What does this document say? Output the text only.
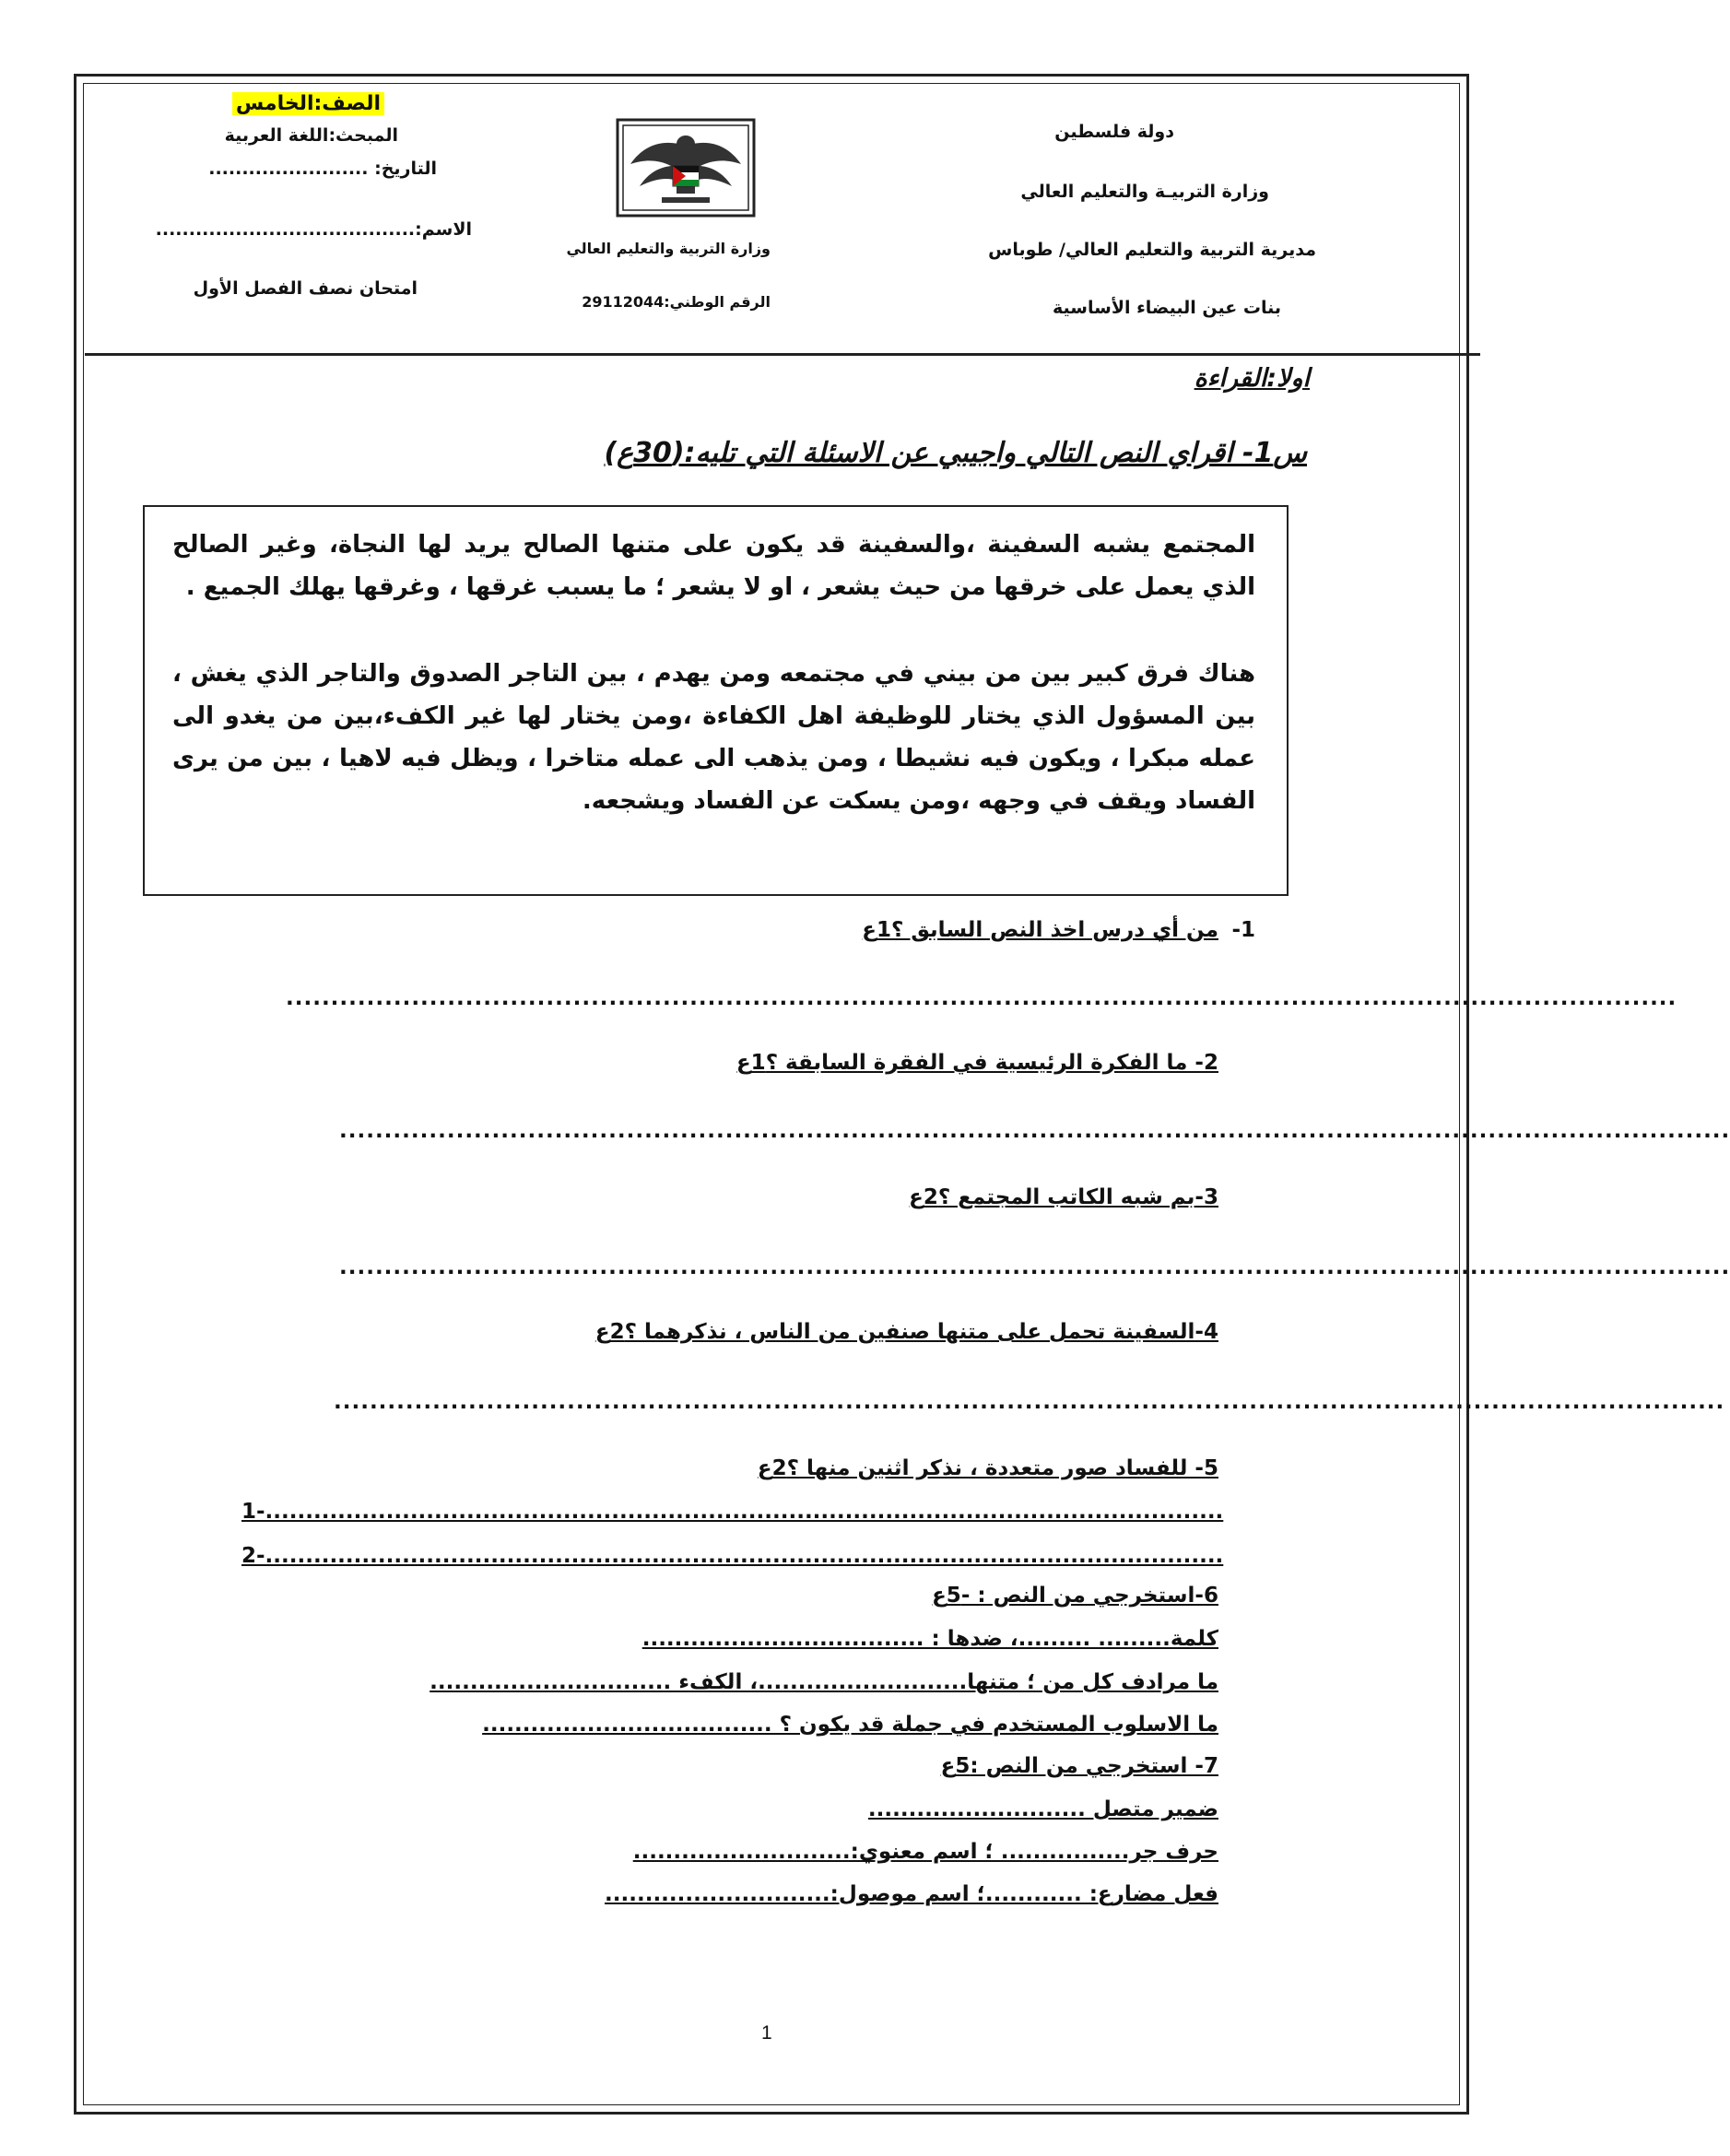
دولة فلسطين
وزارة التربيـة والتعليم العالي
مديرية التربية والتعليم العالي/ طوباس
بنات عين البيضاء الأساسية
وزارة التربية والتعليم العالي
الرقم الوطني:29112044
الصف:الخامس
المبحث:اللغة العربية
التاريخ: ........................
الاسم:.......................................
امتحان نصف الفصل الأول
اولا:القراءة
س1- اقراي النص التالي واجيبي عن الاسئلة التي تليه:(30ع)
المجتمع يشبه السفينة ،والسفينة قد يكون على متنها الصالح يريد لها النجاة، وغير الصالح الذي يعمل على خرقها من حيث يشعر ، او لا يشعر ؛ ما يسبب غرقها ، وغرقها يهلك الجميع .
هناك فرق كبير بين من بيني في مجتمعه ومن يهدم ، بين التاجر الصدوق والتاجر الذي يغش ، بين المسؤول الذي يختار للوظيفة اهل الكفاءة ،ومن يختار لها غير الكفء،بين من يغدو الى عمله مبكرا ، ويكون فيه نشيطا ، ومن يذهب الى عمله متاخرا ، ويظل فيه لاهيا ، بين من يرى الفساد ويقف في وجهه ،ومن يسكت عن الفساد ويشجعه.
-1
من أي درس اخذ النص السابق ؟1ع
...........................................................................................................................................................
2- ما الفكرة الرئيسية في الفقرة السابقة ؟1ع
...........................................................................................................................................................
3-بم شبه الكاتب المجتمع ؟2ع
...........................................................................................................................................................
4-السفينة تحمل على متنها صنفين من الناس ، نذكرهما ؟2ع
...........................................................................................................................................................
5- للفساد صور متعددة ، نذكر اثنين منها ؟2ع
1-.......................................................................................................................
2-.......................................................................................................................
6-استخرجي من النص : -5ع
كلمة......... .........، ضدها : ...................................
ما مرادف كل من ؛ متنها..........................، الكفء ..............................
ما الاسلوب المستخدم في جملة قد يكون ؟ ....................................
7- استخرجي من النص :5ع
ضمير متصل ...........................
حرف جر................ ؛ اسم معنوي:...........................
فعل مضارع: ............؛ اسم موصول:............................
1
